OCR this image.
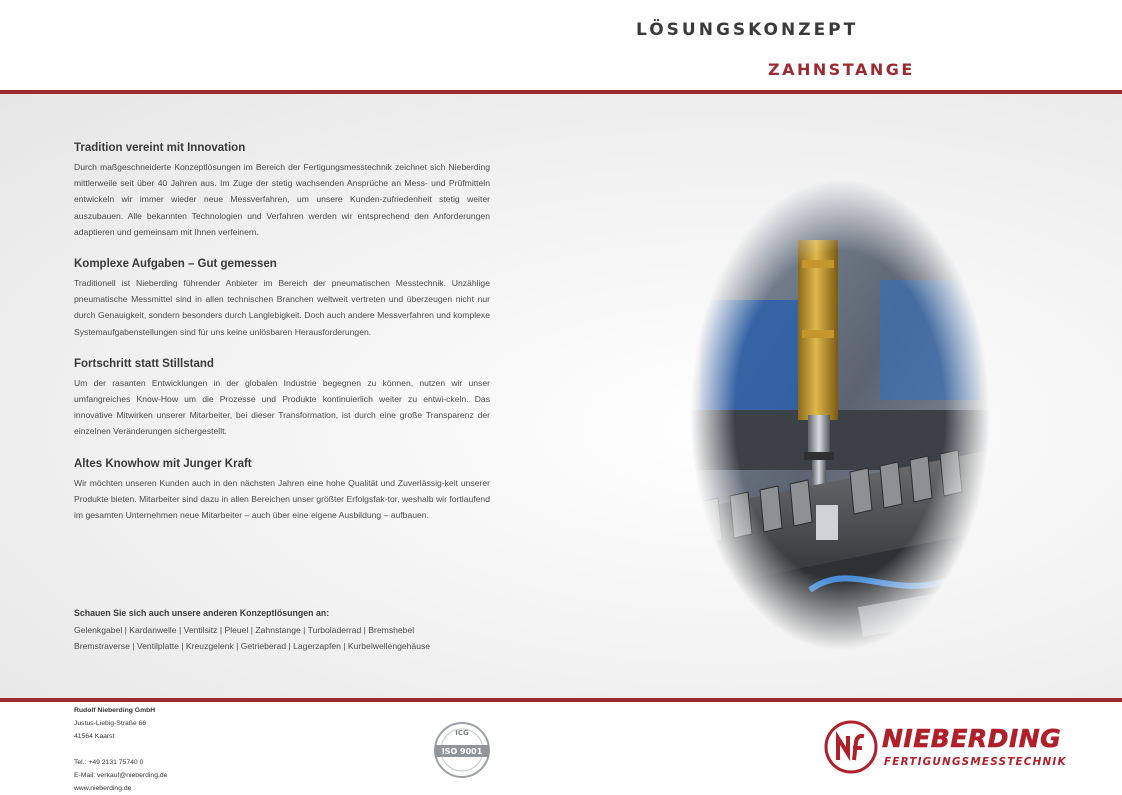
LÖSUNGSKONZEPT
ZAHNSTANGE

Tradition vereint mit Innovation

Durch maßgeschneiderte Konzeptlösungen im Bereich der Fertigungsmesstechnik zeichnet sich Nieberding mittlerweile seit über 40 Jahren aus. Im Zuge der stetig wachsenden Ansprüche an Mess- und Prüfmitteln entwickeln wir immer wieder neue Messverfahren, um unsere Kunden-zufriedenheit stetig weiter auszubauen. Alle bekannten Technologien und Verfahren werden wir entsprechend den Anforderungen adaptieren und gemeinsam mit Ihnen verfeinern.

Komplexe Aufgaben – Gut gemessen

Traditionell ist Nieberding führender Anbieter im Bereich der pneumatischen Messtechnik. Unzählige pneumatische Messmittel sind in allen technischen Branchen weltweit vertreten und überzeugen nicht nur durch Genauigkeit, sondern besonders durch Langlebigkeit. Doch auch andere Messverfahren und komplexe Systemaufgabenstellungen sind für uns keine unlösbaren Herausforderungen.

Fortschritt statt Stillstand

Um der rasanten Entwicklungen in der globalen Industrie begegnen zu können, nutzen wir unser umfangreiches Know-How um die Prozesse und Produkte kontinuierlich weiter zu entwi-ckeln. Das innovative Mitwirken unserer Mitarbeiter, bei dieser Transformation, ist durch eine große Transparenz der einzelnen Veränderungen sichergestellt.

Altes Knowhow mit Junger Kraft

Wir möchten unseren Kunden auch in den nächsten Jahren eine hohe Qualität und Zuverlässig-keit unserer Produkte bieten. Mitarbeiter sind dazu in allen Bereichen unser größter Erfolgsfak-tor, weshalb wir fortlaufend im gesamten Unternehmen neue Mitarbeiter – auch über eine eigene Ausbildung – aufbauen.

Schauen Sie sich auch unsere anderen Konzeptlösungen an:

Gelenkgabel | Kardanwelle | Ventilsitz | Pleuel | Zahnstange | Turboladerrad | Bremshebel

Bremstraverse | Ventilplatte | Kreuzgelenk | Getrieberad | Lagerzapfen | Kurbelwellengehäuse

Rudolf Nieberding GmbH
Justus-Liebig-Straße 66
41564 Kaarst
Tel.: +49 2131 75740 0
E-Mail: verkauf@nieberding.de
www.nieberding.de
ICG
ISO 9001	NIEBERDING
FERTIGUNGSMESSTECHNIK
